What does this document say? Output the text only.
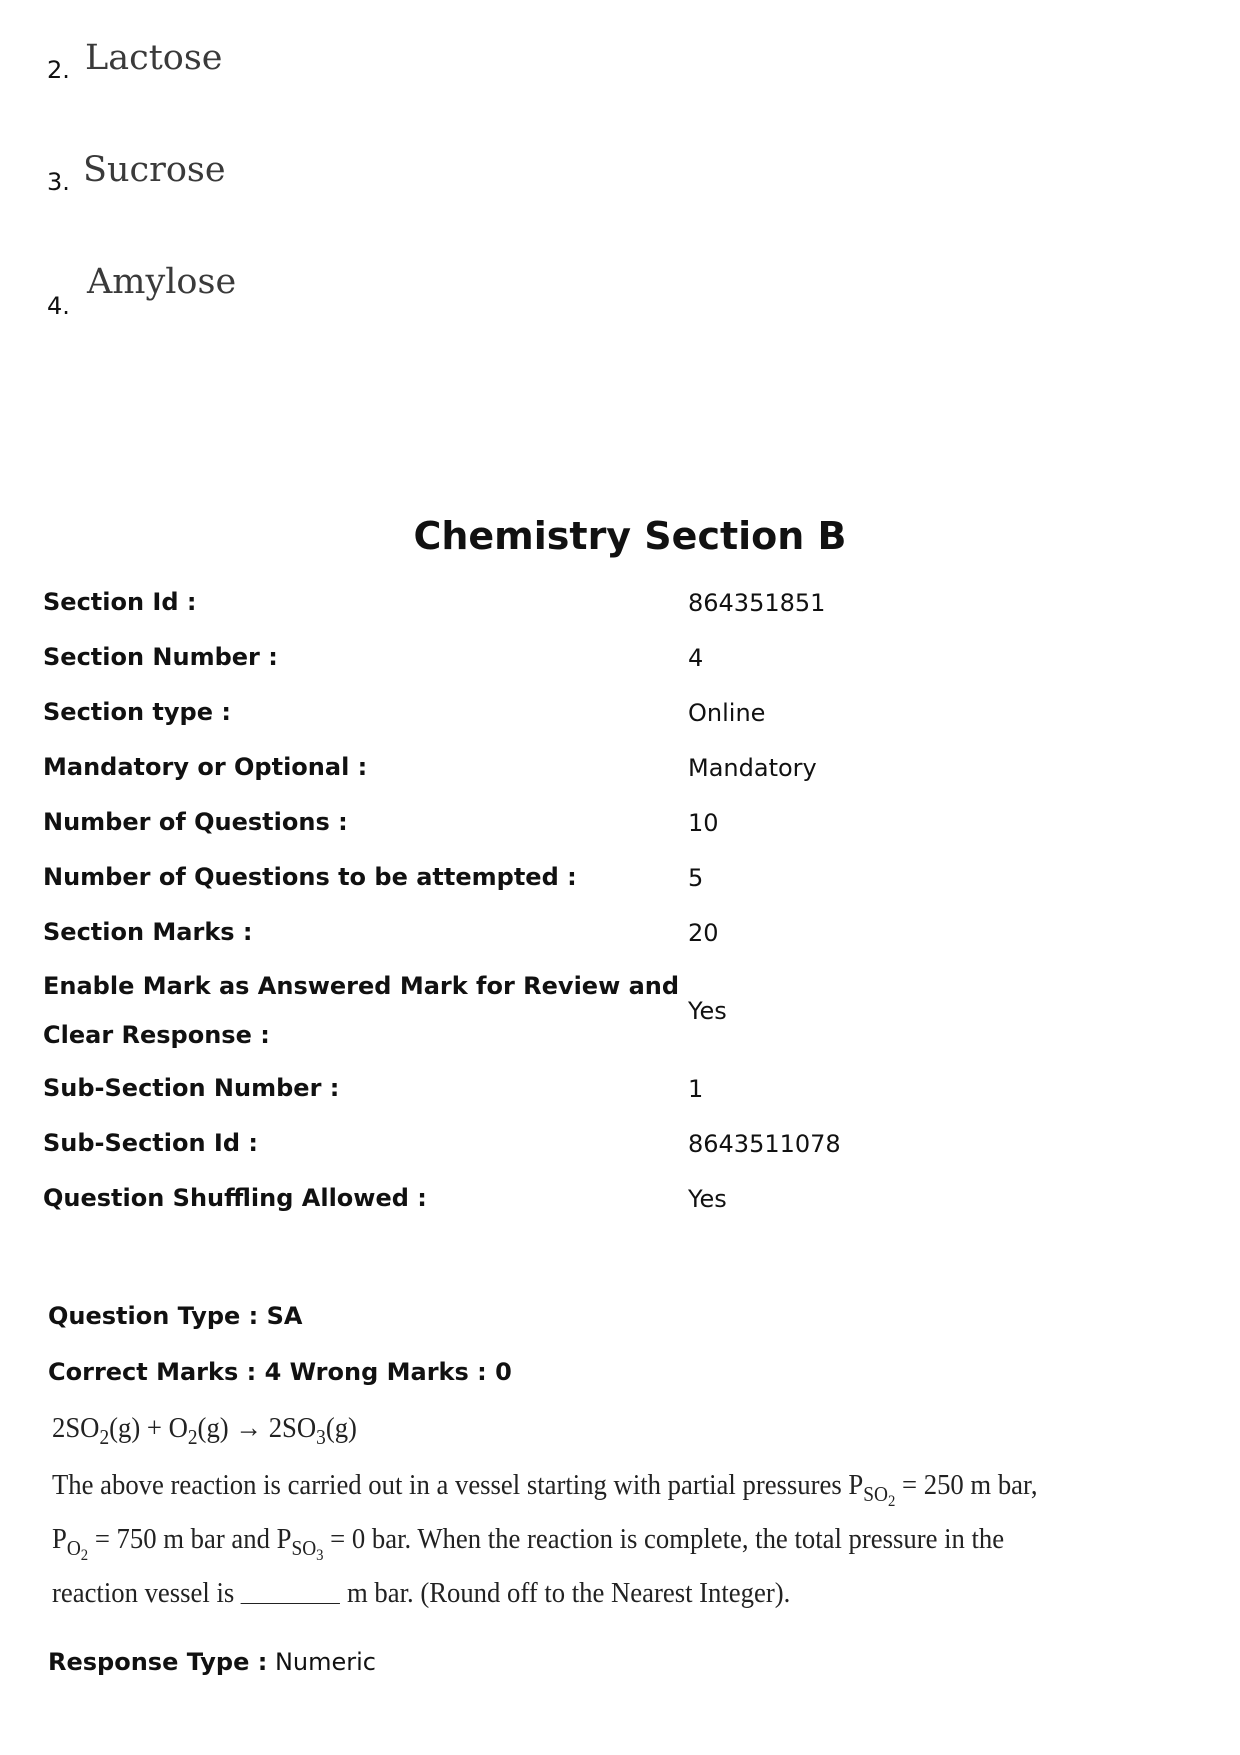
2. Lactose
3. Sucrose
4.
Amylose
Chemistry Section B
Section Id :	864351851
Section Number :	4
Section type :	Online
Mandatory or Optional :	Mandatory
Number of Questions :	10
Number of Questions to be attempted :	5
Section Marks :	20
Enable Mark as Answered Mark for Review and Clear Response :
Yes
Sub-Section Number :	1
Sub-Section Id :	8643511078
Question Shuffling Allowed :	Yes
Question Type : SA
Correct Marks : 4 Wrong Marks : 0
$2SO_2(g) + O_2(g) \to 2SO_3(g)$
The above reaction is carried out in a vessel starting with partial pressures $P_{SO_2} = 250$ m bar,
$P_{O_2} = 750$ m bar and $P_{SO_3} = 0$ bar. When the reaction is complete, the total pressure in the
reaction vessel is	m bar. (Round off to the Nearest Integer).
Response Type : Numeric
